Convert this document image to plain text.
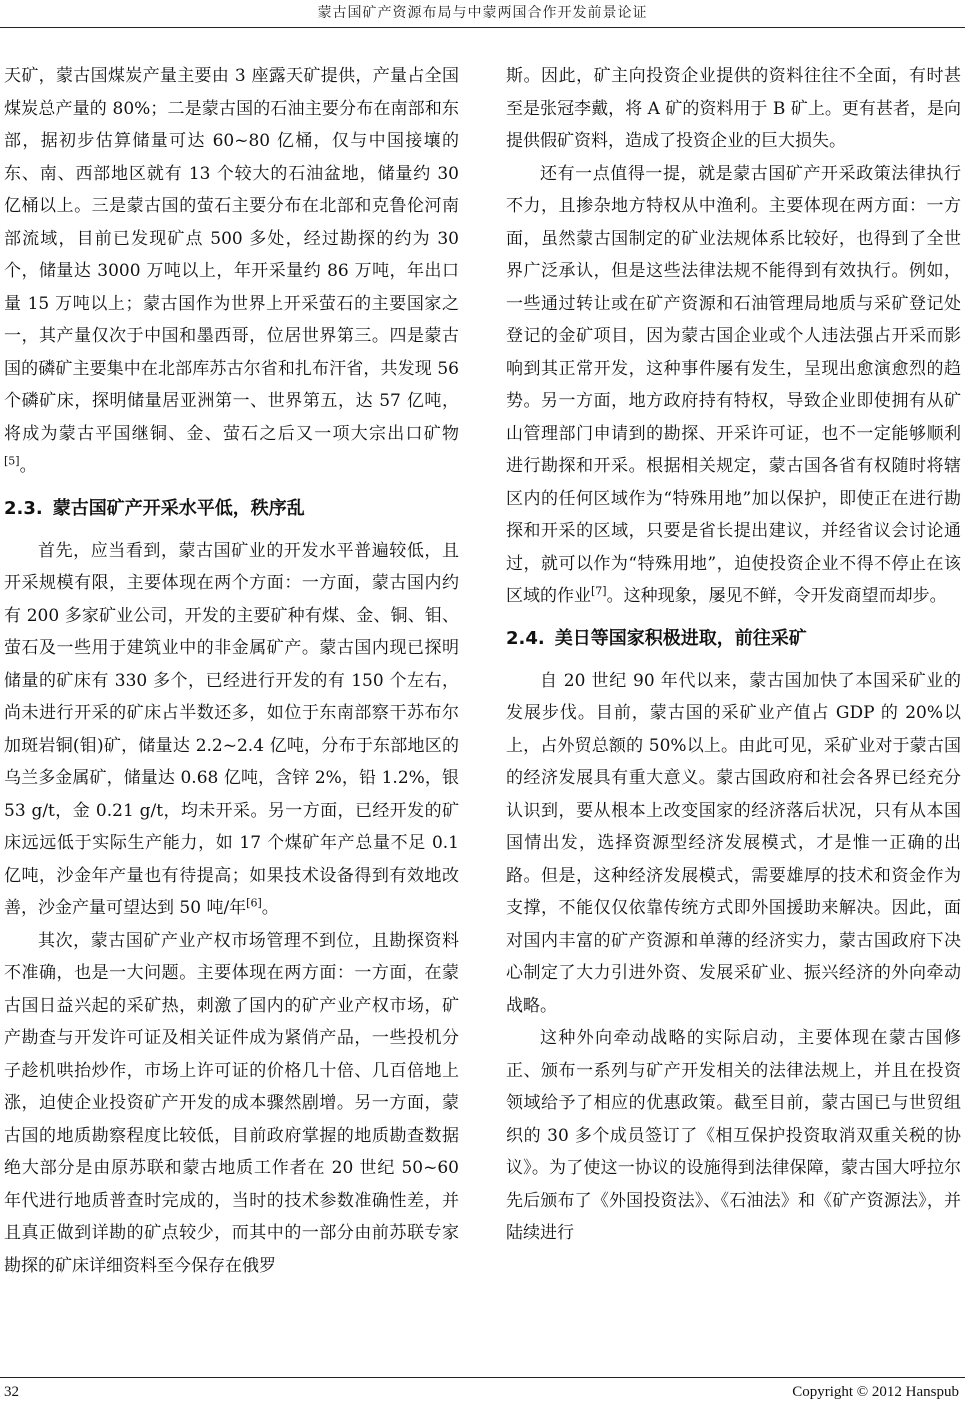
蒙古国矿产资源布局与中蒙两国合作开发前景论证

天矿，蒙古国煤炭产量主要由 3 座露天矿提供，产量占全国煤炭总产量的 80%；二是蒙古国的石油主要分布在南部和东部，据初步估算储量可达 60~80 亿桶，仅与中国接壤的东、南、西部地区就有 13 个较大的石油盆地，储量约 30 亿桶以上。三是蒙古国的萤石主要分布在北部和克鲁伦河南部流域，目前已发现矿点 500 多处，经过勘探的约为 30 个，储量达 3000 万吨以上，年开采量约 86 万吨，年出口量 15 万吨以上；蒙古国作为世界上开采萤石的主要国家之一，其产量仅次于中国和墨西哥，位居世界第三。四是蒙古国的磷矿主要集中在北部库苏古尔省和扎布汗省，共发现 56 个磷矿床，探明储量居亚洲第一、世界第五，达 57 亿吨，将成为蒙古平国继铜、金、萤石之后又一项大宗出口矿物[5]。

2.3. 蒙古国矿产开采水平低，秩序乱

首先，应当看到，蒙古国矿业的开发水平普遍较低，且开采规模有限，主要体现在两个方面：一方面，蒙古国内约有 200 多家矿业公司，开发的主要矿种有煤、金、铜、钼、萤石及一些用于建筑业中的非金属矿产。蒙古国内现已探明储量的矿床有 330 多个，已经进行开发的有 150 个左右，尚未进行开采的矿床占半数还多，如位于东南部察干苏布尔加斑岩铜(钼)矿，储量达 2.2~2.4 亿吨，分布于东部地区的乌兰多金属矿，储量达 0.68 亿吨，含锌 2%，铅 1.2%，银 53 g/t，金 0.21 g/t，均未开采。另一方面，已经开发的矿床远远低于实际生产能力，如 17 个煤矿年产总量不足 0.1 亿吨，沙金年产量也有待提高；如果技术设备得到有效地改善，沙金产量可望达到 50 吨/年[6]。

其次，蒙古国矿产业产权市场管理不到位，且勘探资料不准确，也是一大问题。主要体现在两方面：一方面，在蒙古国日益兴起的采矿热，刺激了国内的矿产业产权市场，矿产勘查与开发许可证及相关证件成为紧俏产品，一些投机分子趁机哄抬炒作，市场上许可证的价格几十倍、几百倍地上涨，迫使企业投资矿产开发的成本骤然剧增。另一方面，蒙古国的地质勘察程度比较低，目前政府掌握的地质勘查数据绝大部分是由原苏联和蒙古地质工作者在 20 世纪 50~60 年代进行地质普查时完成的，当时的技术参数准确性差，并且真正做到详勘的矿点较少，而其中的一部分由前苏联专家勘探的矿床详细资料至今保存在俄罗

斯。因此，矿主向投资企业提供的资料往往不全面，有时甚至是张冠李戴，将 A 矿的资料用于 B 矿上。更有甚者，是向提供假矿资料，造成了投资企业的巨大损失。

还有一点值得一提，就是蒙古国矿产开采政策法律执行不力，且掺杂地方特权从中渔利。主要体现在两方面：一方面，虽然蒙古国制定的矿业法规体系比较好，也得到了全世界广泛承认，但是这些法律法规不能得到有效执行。例如，一些通过转让或在矿产资源和石油管理局地质与采矿登记处登记的金矿项目，因为蒙古国企业或个人违法强占开采而影响到其正常开发，这种事件屡有发生，呈现出愈演愈烈的趋势。另一方面，地方政府持有特权，导致企业即使拥有从矿山管理部门申请到的勘探、开采许可证，也不一定能够顺利进行勘探和开采。根据相关规定，蒙古国各省有权随时将辖区内的任何区域作为“特殊用地”加以保护，即使正在进行勘探和开采的区域，只要是省长提出建议，并经省议会讨论通过，就可以作为“特殊用地”，迫使投资企业不得不停止在该区域的作业[7]。这种现象，屡见不鲜，令开发商望而却步。

2.4. 美日等国家积极进取，前往采矿

自 20 世纪 90 年代以来，蒙古国加快了本国采矿业的发展步伐。目前，蒙古国的采矿业产值占 GDP 的 20%以上，占外贸总额的 50%以上。由此可见，采矿业对于蒙古国的经济发展具有重大意义。蒙古国政府和社会各界已经充分认识到，要从根本上改变国家的经济落后状况，只有从本国国情出发，选择资源型经济发展模式，才是惟一正确的出路。但是，这种经济发展模式，需要雄厚的技术和资金作为支撑，不能仅仅依靠传统方式即外国援助来解决。因此，面对国内丰富的矿产资源和单薄的经济实力，蒙古国政府下决心制定了大力引进外资、发展采矿业、振兴经济的外向牵动战略。

这种外向牵动战略的实际启动，主要体现在蒙古国修正、颁布一系列与矿产开发相关的法律法规上，并且在投资领域给予了相应的优惠政策。截至目前，蒙古国已与世贸组织的 30 多个成员签订了《相互保护投资取消双重关税的协议》。为了使这一协议的设施得到法律保障，蒙古国大呼拉尔先后颁布了《外国投资法》、《石油法》和《矿产资源法》，并陆续进行

32	Copyright © 2012 Hanspub
